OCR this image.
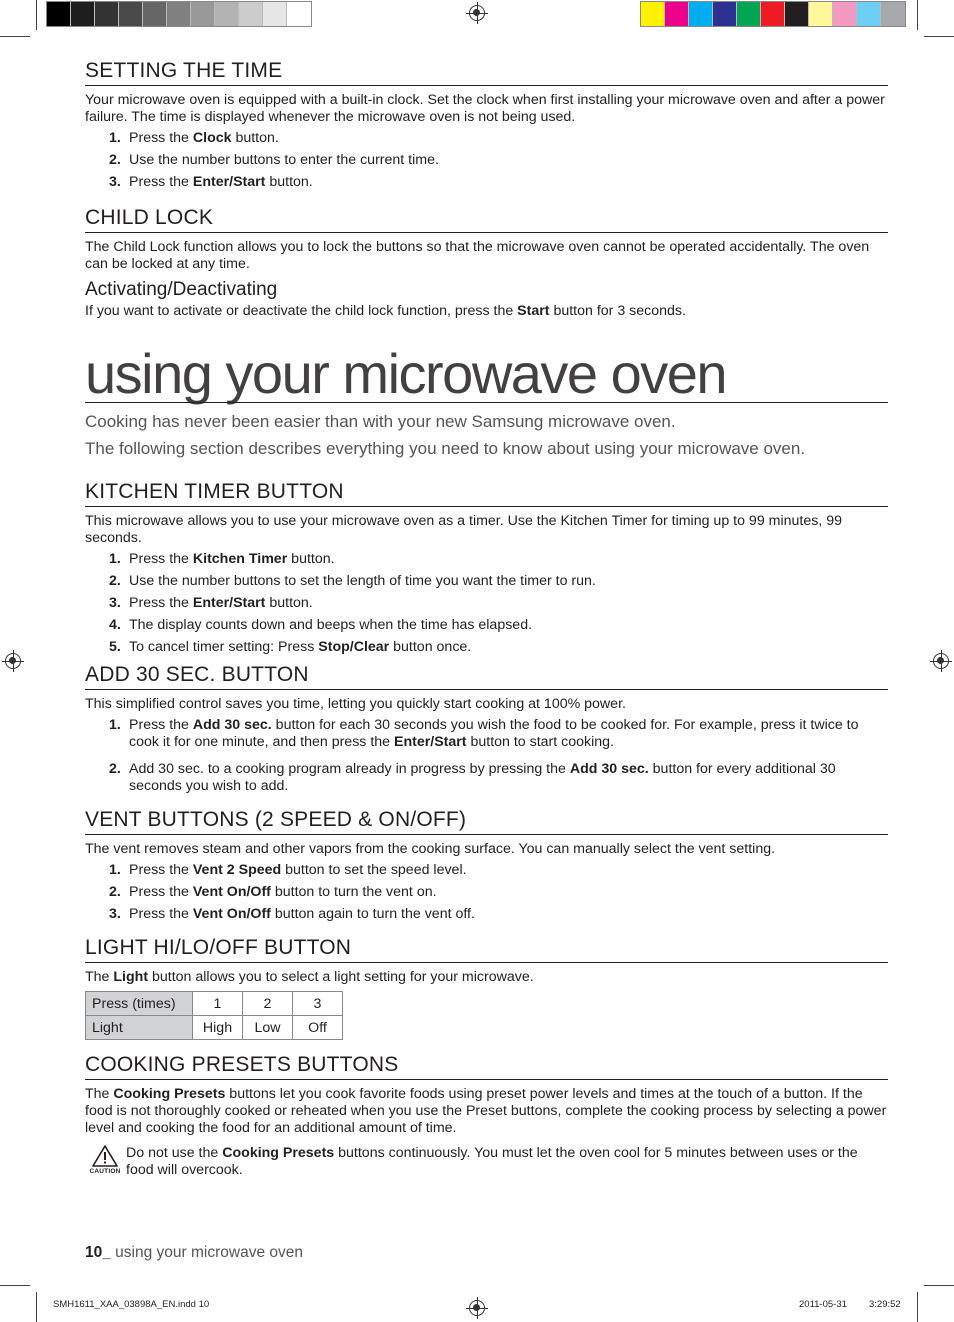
SETTING THE TIME

Your microwave oven is equipped with a built-in clock. Set the clock when first installing your microwave oven and after a power failure. The time is displayed whenever the microwave oven is not being used.

1. Press the Clock button.
2. Use the number buttons to enter the current time.
3. Press the Enter/Start button.
CHILD LOCK

The Child Lock function allows you to lock the buttons so that the microwave oven cannot be operated accidentally. The oven can be locked at any time.

Activating/Deactivating

If you want to activate or deactivate the child lock function, press the Start button for 3 seconds.

using your microwave oven

Cooking has never been easier than with your new Samsung microwave oven.

The following section describes everything you need to know about using your microwave oven.

KITCHEN TIMER BUTTON

This microwave allows you to use your microwave oven as a timer. Use the Kitchen Timer for timing up to 99 minutes, 99 seconds.

1. Press the Kitchen Timer button.
2. Use the number buttons to set the length of time you want the timer to run.
3. Press the Enter/Start button.
4. The display counts down and beeps when the time has elapsed.
5. To cancel timer setting: Press Stop/Clear button once.
ADD 30 SEC. BUTTON

This simplified control saves you time, letting you quickly start cooking at 100% power.

1. Press the Add 30 sec. button for each 30 seconds you wish the food to be cooked for. For example, press it twice to cook it for one minute, and then press the Enter/Start button to start cooking.
2. Add 30 sec. to a cooking program already in progress by pressing the Add 30 sec. button for every additional 30 seconds you wish to add.
VENT BUTTONS (2 SPEED & ON/OFF)

The vent removes steam and other vapors from the cooking surface. You can manually select the vent setting.

1. Press the Vent 2 Speed button to set the speed level.
2. Press the Vent On/Off button to turn the vent on.
3. Press the Vent On/Off button again to turn the vent off.
LIGHT HI/LO/OFF BUTTON

The Light button allows you to select a light setting for your microwave.

Press (times)	1	2	3
Light	High	Low	Off
COOKING PRESETS BUTTONS

The Cooking Presets buttons let you cook favorite foods using preset power levels and times at the touch of a button. If the food is not thoroughly cooked or reheated when you use the Preset buttons, complete the cooking process by selecting a power level and cooking the food for an additional amount of time.

CAUTION

Do not use the Cooking Presets buttons continuously. You must let the oven cool for 5 minutes between uses or the food will overcook.

10_ using your microwave oven
SMH1611_XAA_03898A_EN.indd 10	2011-05-31 3:29:52
